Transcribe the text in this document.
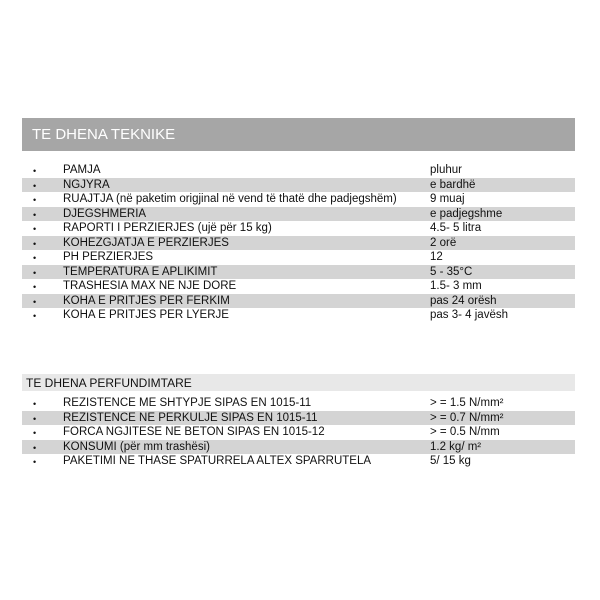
TE DHENA TEKNIKE
• PAMJA	pluhur
• NGJYRA	e bardhë
• RUAJTJA (në paketim origjinal në vend të thatë dhe padjegshëm)	9 muaj
• DJEGSHMERIA	e padjegshme
• RAPORTI I PERZIERJES (ujë për 15 kg)	4.5- 5 litra
• KOHEZGJATJA E PERZIERJES	2 orë
• PH PERZIERJES	12
• TEMPERATURA E APLIKIMIT	5 - 35°C
• TRASHESIA MAX NE NJE DORE	1.5- 3 mm
• KOHA E PRITJES PER FERKIM	pas 24 orësh
• KOHA E PRITJES PER LYERJE	pas 3- 4 javësh
TE DHENA PERFUNDIMTARE
• REZISTENCE ME SHTYPJE SIPAS EN 1015-11	> = 1.5 N/mm²
• REZISTENCE NE PERKULJE SIPAS EN 1015-11	> = 0.7 N/mm²
• FORCA NGJITESE NE BETON SIPAS EN 1015-12	> = 0.5 N/mm
• KONSUMI (për mm trashësi)	1.2 kg/ m²
• PAKETIMI NE THASE SPATURRELA ALTEX SPARRUTELA	5/ 15 kg
